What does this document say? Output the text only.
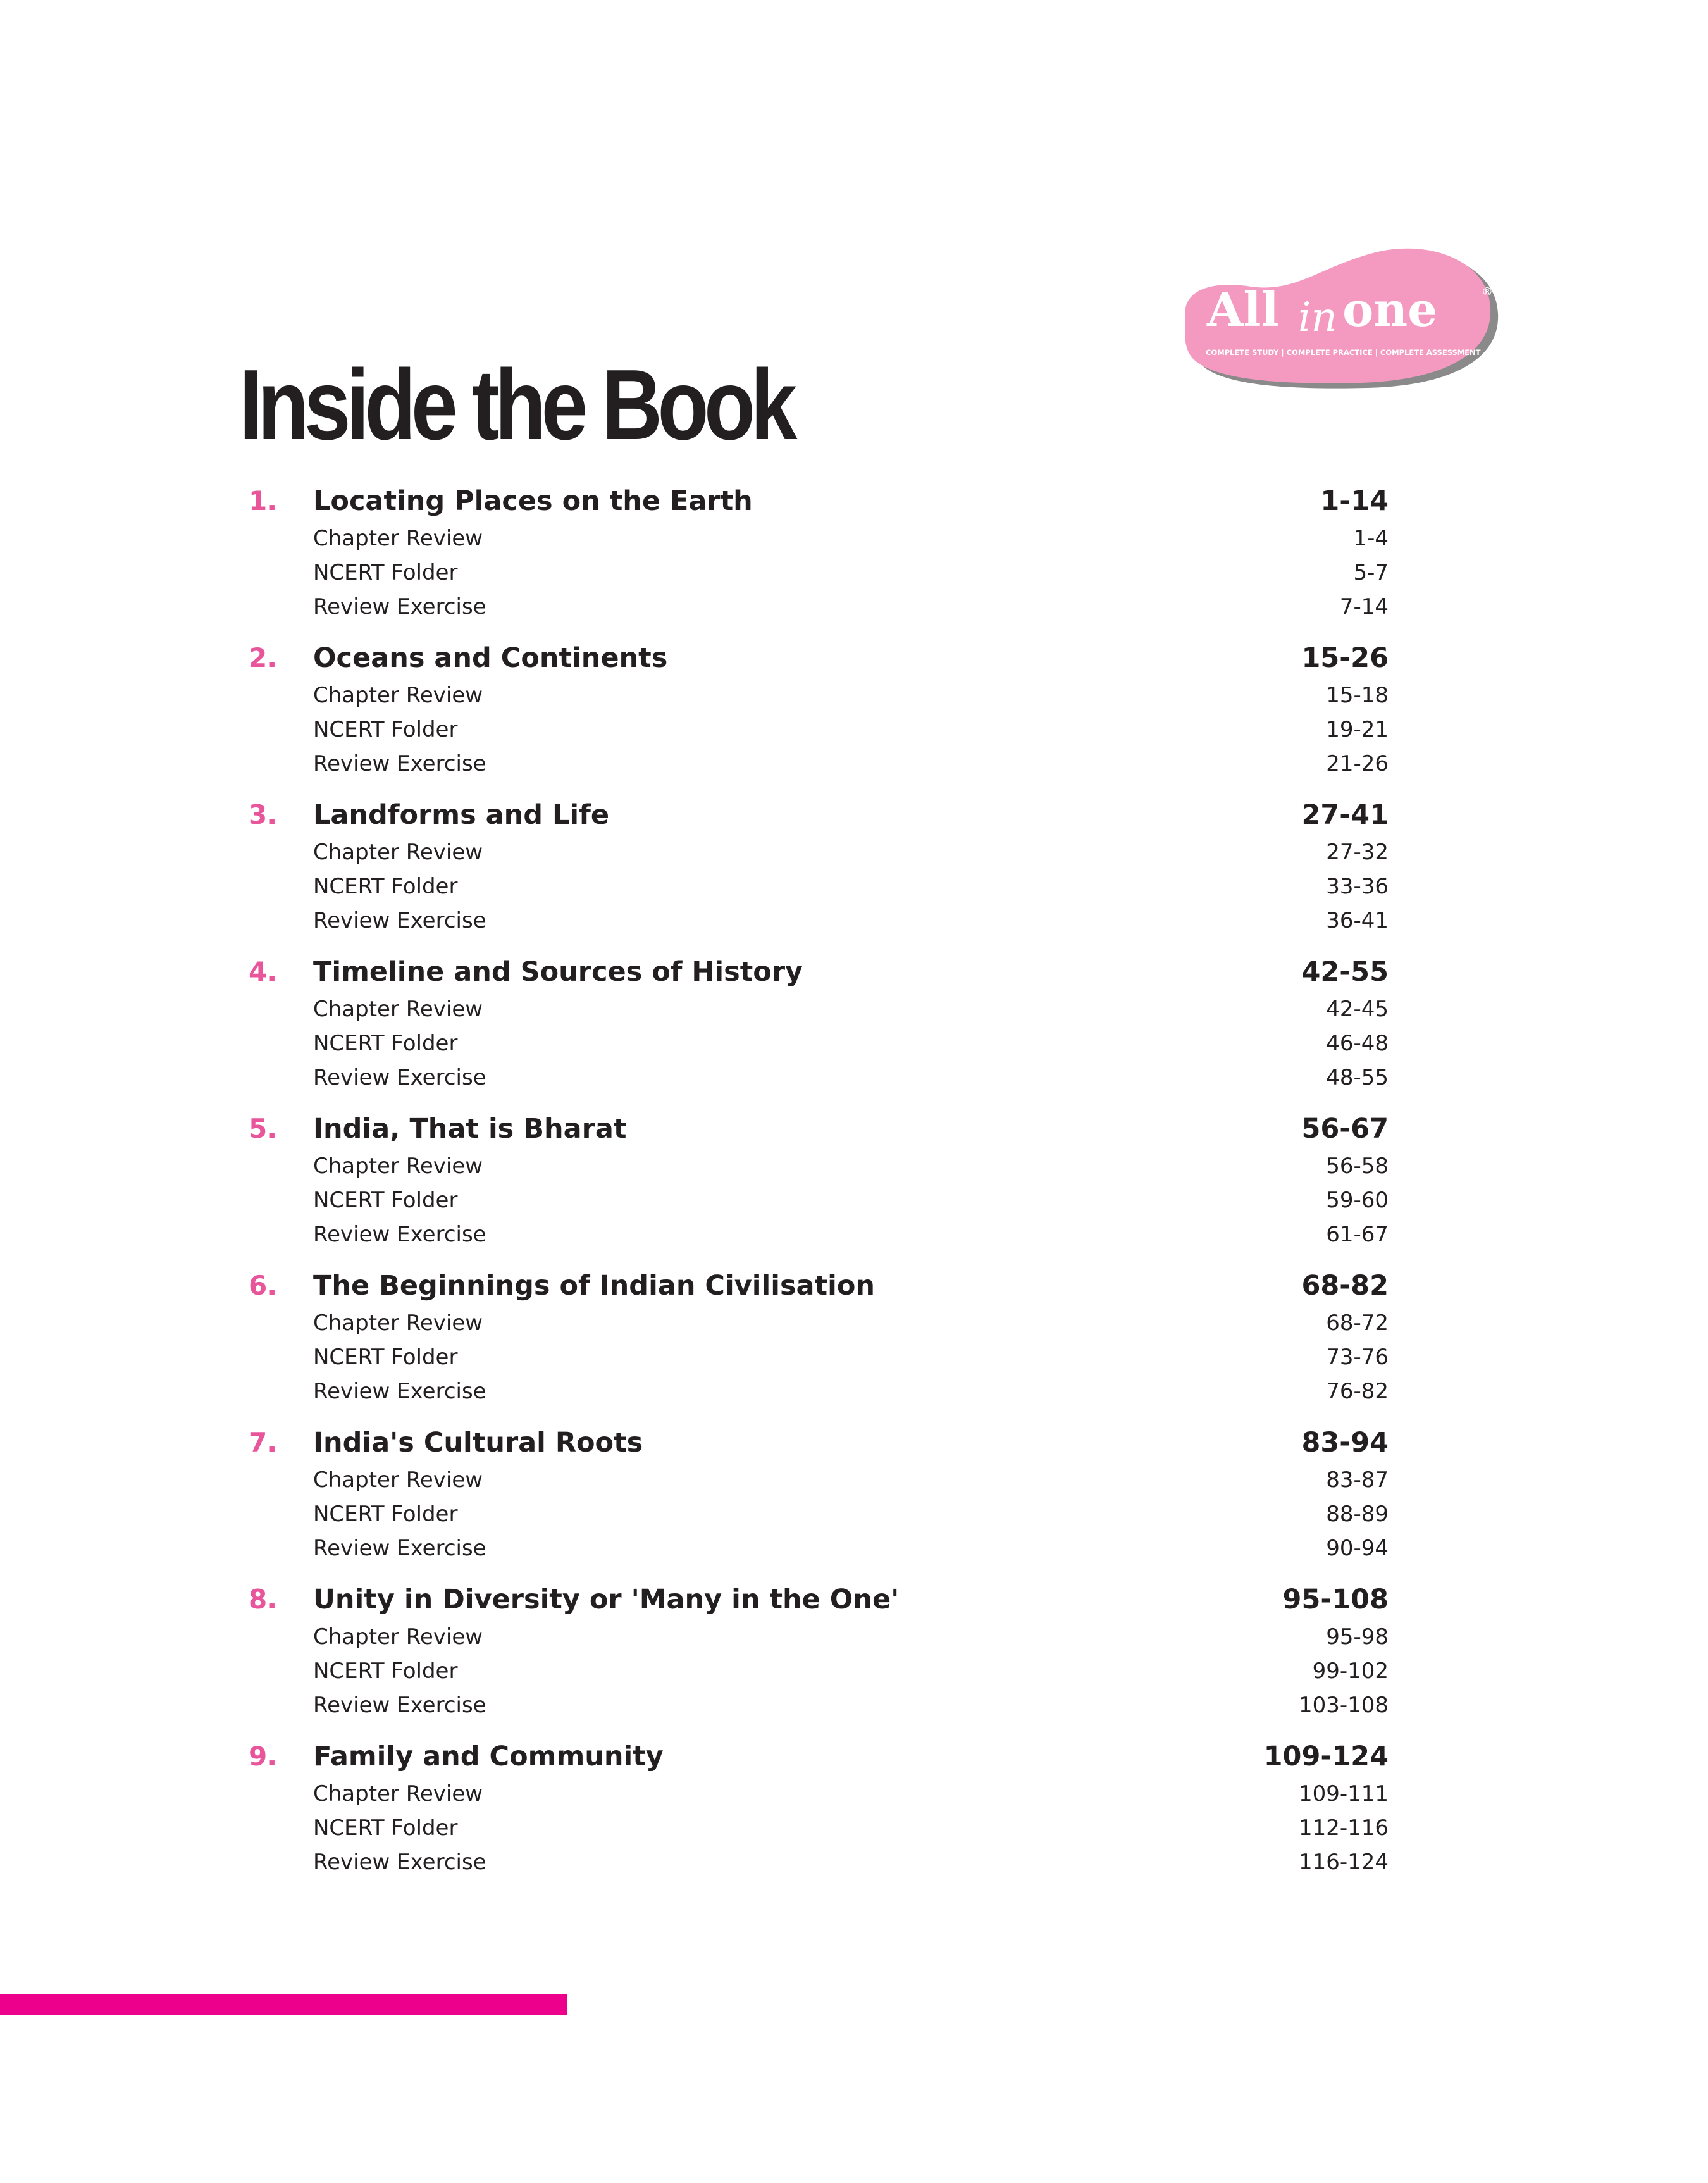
Inside the Book
All in one	®
COMPLETE STUDY | COMPLETE PRACTICE | COMPLETE ASSESSMENT
1. Locating Places on the Earth	1-14
Chapter Review	1-4
NCERT Folder	5-7
Review Exercise	7-14
2. Oceans and Continents	15-26
Chapter Review	15-18
NCERT Folder	19-21
Review Exercise	21-26
3. Landforms and Life	27-41
Chapter Review	27-32
NCERT Folder	33-36
Review Exercise	36-41
4. Timeline and Sources of History	42-55
Chapter Review	42-45
NCERT Folder	46-48
Review Exercise	48-55
5. India, That is Bharat	56-67
Chapter Review	56-58
NCERT Folder	59-60
Review Exercise	61-67
6. The Beginnings of Indian Civilisation	68-82
Chapter Review	68-72
NCERT Folder	73-76
Review Exercise	76-82
7. India's Cultural Roots	83-94
Chapter Review	83-87
NCERT Folder	88-89
Review Exercise	90-94
8. Unity in Diversity or 'Many in the One'	95-108
Chapter Review	95-98
NCERT Folder	99-102
Review Exercise	103-108
9. Family and Community	109-124
Chapter Review	109-111
NCERT Folder	112-116
Review Exercise	116-124
